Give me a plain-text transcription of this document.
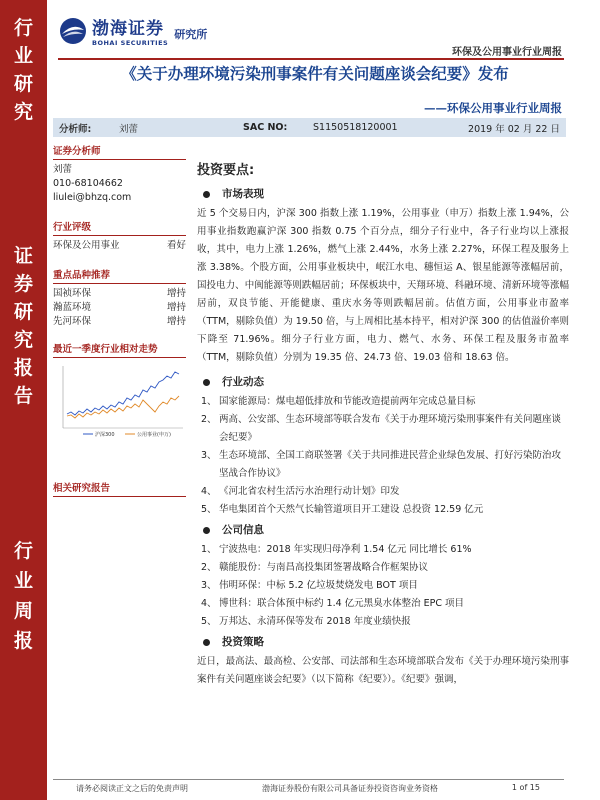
行
业
研
究
证
券
研
究
报
告
行
业
周
报
渤海证券
BOHAI SECURITIES
研究所
环保及公用事业行业周报
《关于办理环境污染刑事案件有关问题座谈会纪要》发布
——环保公用事业行业周报
分析师:	刘蕾	SAC NO:	S1150518120001	2019 年 02 月 22 日
证券分析师
刘蕾
010-68104662
liulei@bhzq.com
行业评级
环保及公用事业	看好
重点品种推荐
国祯环保	增持
瀚蓝环境	增持
先河环保	增持
最近一季度行业相对走势
沪深300	公用事业(申万)
相关研究报告
投资要点:
市场表现
近 5 个交易日内，沪深 300 指数上涨 1.19%，公用事业（申万）指数上涨 1.94%，公用事业指数跑赢沪深 300 指数 0.75 个百分点，细分子行业中，各子行业均以上涨报收，其中，电力上涨 1.26%，燃气上涨 2.44%，水务上涨 2.27%，环保工程及服务上涨 3.38%。个股方面，公用事业板块中，岷江水电、穗恒运 A、银星能源等涨幅居前，国投电力、中闽能源等则跌幅居前；环保板块中，天翔环境、科融环境、清新环境等涨幅居前，双良节能、开能健康、重庆水务等则跌幅居前。估值方面，公用事业市盈率（TTM，剔除负值）为 19.50 倍，与上周相比基本持平，相对沪深 300 的估值溢价率则下降至 71.96%。细分子行业方面，电力、燃气、水务、环保工程及服务市盈率（TTM，剔除负值）分别为 19.35 倍、24.73 倍、19.03 倍和 18.63 倍。
行业动态
1、 国家能源局：煤电超低排放和节能改造提前两年完成总量目标
2、 两高、公安部、生态环境部等联合发布《关于办理环境污染刑事案件有关问题座谈会纪要》
3、 生态环境部、全国工商联签署《关于共同推进民营企业绿色发展、打好污染防治攻坚战合作协议》
4、 《河北省农村生活污水治理行动计划》印发
5、 华电集团首个天然气长输管道项目开工建设 总投资 12.59 亿元
公司信息
1、 宁波热电：2018 年实现归母净利 1.54 亿元 同比增长 61%
2、 赣能股份：与南昌高投集团签署战略合作框架协议
3、 伟明环保：中标 5.2 亿垃圾焚烧发电 BOT 项目
4、 博世科：联合体预中标约 1.4 亿元黑臭水体整治 EPC 项目
5、 万邦达、永清环保等发布 2018 年度业绩快报
投资策略
近日，最高法、最高检、公安部、司法部和生态环境部联合发布《关于办理环境污染刑事案件有关问题座谈会纪要》（以下简称《纪要》）。《纪要》强调，
请务必阅读正文之后的免责声明	渤海证券股份有限公司具备证券投资咨询业务资格	1 of 15
